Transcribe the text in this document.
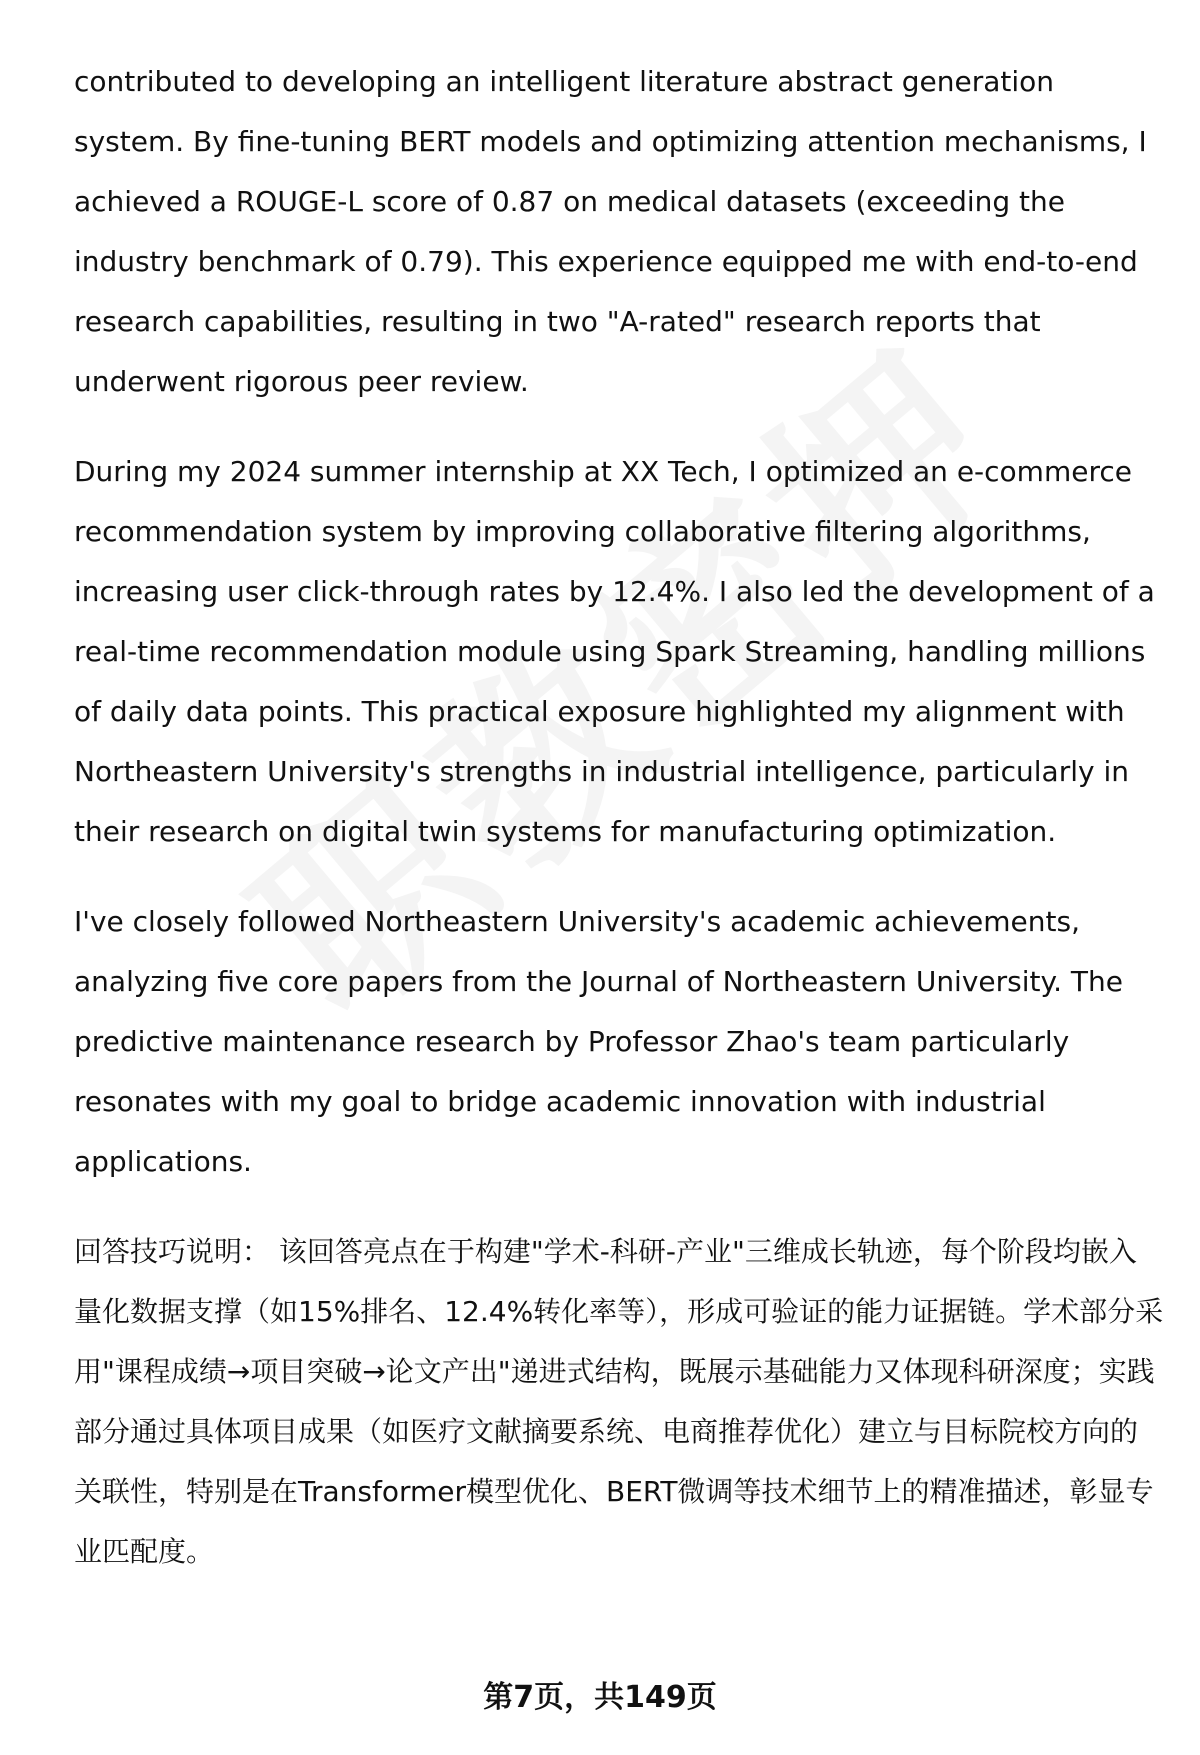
contributed to developing an intelligent literature abstract generation system. By fine-tuning BERT models and optimizing attention mechanisms, I achieved a ROUGE-L score of 0.87 on medical datasets (exceeding the industry benchmark of 0.79). This experience equipped me with end-to-end research capabilities, resulting in two "A-rated" research reports that underwent rigorous peer review.

During my 2024 summer internship at XX Tech, I optimized an e-commerce recommendation system by improving collaborative filtering algorithms, increasing user click-through rates by 12.4%. I also led the development of a real-time recommendation module using Spark Streaming, handling millions of daily data points. This practical exposure highlighted my alignment with Northeastern University's strengths in industrial intelligence, particularly in their research on digital twin systems for manufacturing optimization.

I've closely followed Northeastern University's academic achievements, analyzing five core papers from the Journal of Northeastern University. The predictive maintenance research by Professor Zhao's team particularly resonates with my goal to bridge academic innovation with industrial applications.

回答技巧说明： 该回答亮点在于构建"学术-科研-产业"三维成长轨迹，每个阶段均嵌入量化数据支撑（如15%排名、12.4%转化率等），形成可验证的能力证据链。学术部分采用"课程成绩→项目突破→论文产出"递进式结构，既展示基础能力又体现科研深度；实践部分通过具体项目成果（如医疗文献摘要系统、电商推荐优化）建立与目标院校方向的关联性，特别是在Transformer模型优化、BERT微调等技术细节上的精准描述，彰显专业匹配度。

第7页，共149页
